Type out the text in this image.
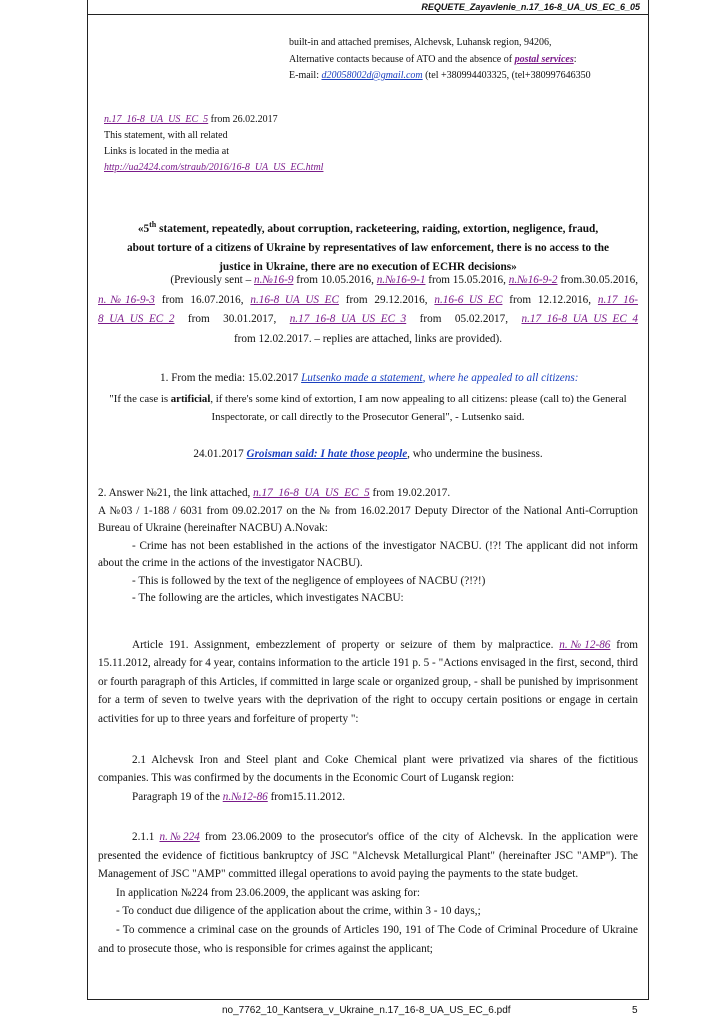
REQUETE_Zayavlenie_n.17_16-8_UA_US_EC_6_05
built-in and attached premises, Alchevsk, Luhansk region, 94206,
Alternative contacts because of ATO and the absence of postal services:
E-mail: d20058002d@gmail.com (tel +380994403325, (tel+380997646350
n.17_16-8_UA_US_EC_5 from 26.02.2017
This statement, with all related
Links is located in the media at
http://ua2424.com/straub/2016/16-8_UA_US_EC.html
«5th statement, repeatedly, about corruption, racketeering, raiding, extortion, negligence, fraud,
about torture of a citizens of Ukraine by representatives of law enforcement, there is no access to the
justice in Ukraine, there are no execution of ECHR decisions»
(Previously sent – n.№16-9 from 10.05.2016, n.№16-9-1 from 15.05.2016, n.№16-9-2 from.30.05.2016,
n.№16-9-3 from 16.07.2016, n.16-8_UA_US_EC from 29.12.2016, n.16-6_US_EC from 12.12.2016, n.17_16-
8_UA_US_EC_2 from 30.01.2017, n.17_16-8_UA_US_EC_3 from 05.02.2017, n.17_16-8_UA_US_EC_4
from 12.02.2017. – replies are attached, links are provided).
1. From the media: 15.02.2017 Lutsenko made a statement, where he appealed to all citizens:
"If the case is artificial, if there's some kind of extortion, I am now appealing to all citizens: please (call to) the General
Inspectorate, or call directly to the Prosecutor General", - Lutsenko said.
24.01.2017 Groisman said: I hate those people, who undermine the business.

2. Answer №21, the link attached, n.17_16-8_UA_US_EC_5 from 19.02.2017.

A №03 / 1-188 / 6031 from 09.02.2017 on the № from 16.02.2017 Deputy Director of the National Anti-Corruption Bureau of Ukraine (hereinafter NACBU) A.Novak:

- Crime has not been established in the actions of the investigator NACBU. (!?! The applicant did not inform about the crime in the actions of the investigator NACBU).

- This is followed by the text of the negligence of employees of NACBU (?!?!)

- The following are the articles, which investigates NACBU:

Article 191. Assignment, embezzlement of property or seizure of them by malpractice. n.№12-86 from 15.11.2012, already for 4 year, contains information to the article 191 p. 5 - "Actions envisaged in the first, second, third or fourth paragraph of this Articles, if committed in large scale or organized group, - shall be punished by imprisonment for a term of seven to twelve years with the deprivation of the right to occupy certain positions or engage in certain activities for up to three years and forfeiture of property ":

2.1 Alchevsk Iron and Steel plant and Coke Chemical plant were privatized via shares of the fictitious companies. This was confirmed by the documents in the Economic Court of Lugansk region:

Paragraph 19 of the n.№12-86 from15.11.2012.

2.1.1 n.№224 from 23.06.2009 to the prosecutor's office of the city of Alchevsk. In the application were presented the evidence of fictitious bankruptcy of JSC "Alchevsk Metallurgical Plant" (hereinafter JSC "AMP"). The Management of JSC "AMP" committed illegal operations to avoid paying the payments to the state budget.

In application №224 from 23.06.2009, the applicant was asking for:

- To conduct due diligence of the application about the crime, within 3 - 10 days,;

- To commence a criminal case on the grounds of Articles 190, 191 of The Code of Criminal Procedure of Ukraine and to prosecute those, who is responsible for crimes against the applicant;

no_7762_10_Kantsera_v_Ukraine_n.17_16-8_UA_US_EC_6.pdf	5
